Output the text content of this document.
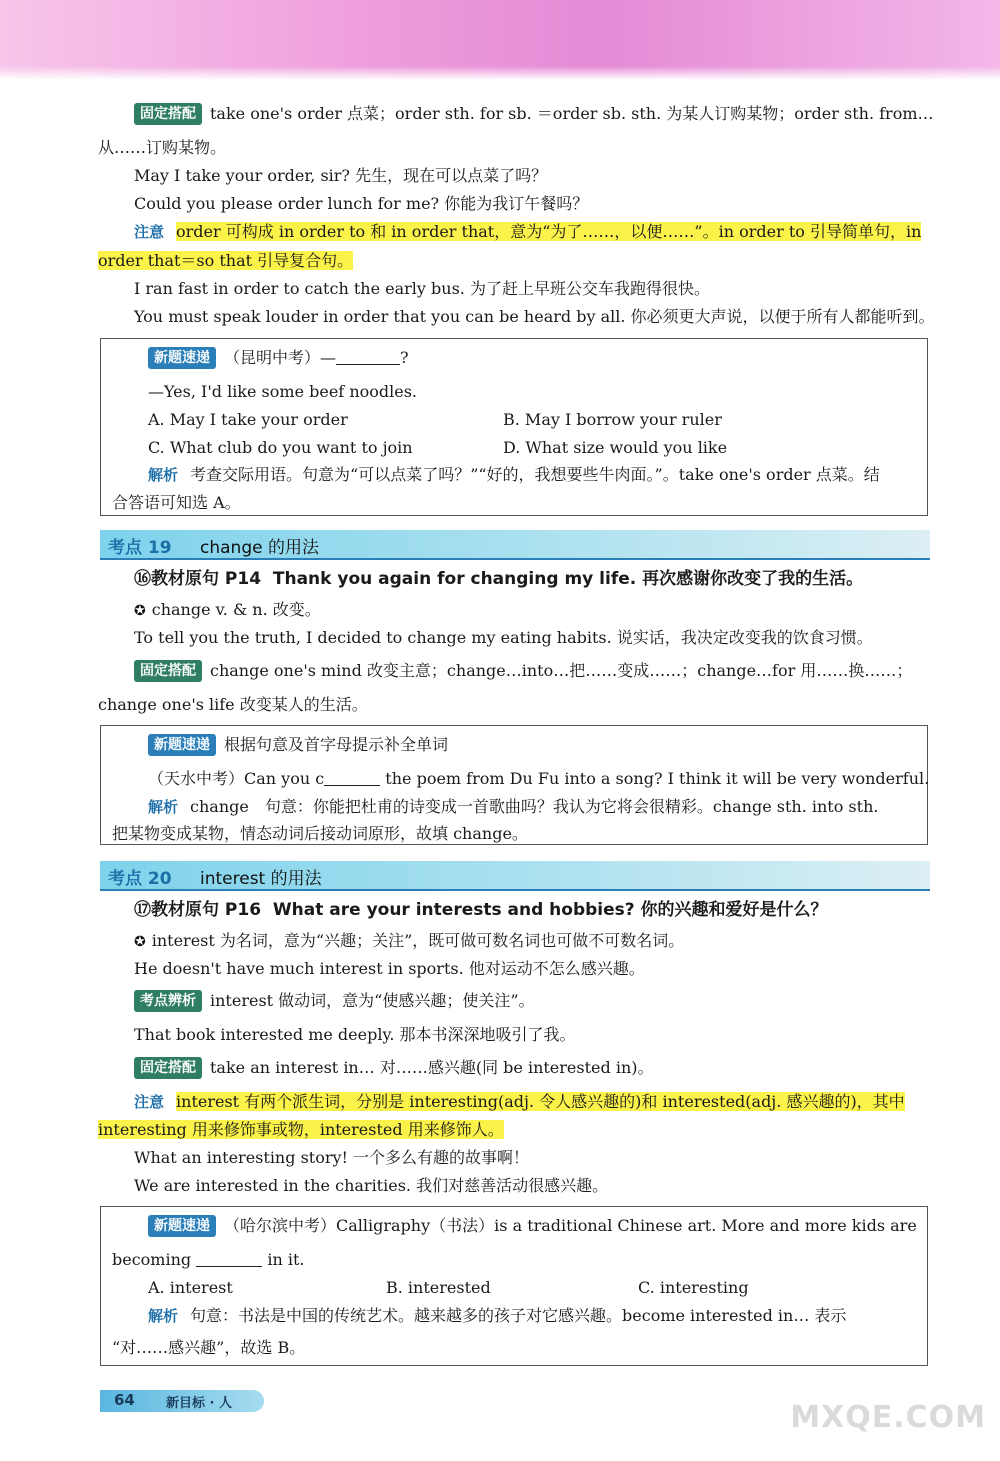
固定搭配 take one's order 点菜；order sth. for sb. ＝order sb. sth. 为某人订购某物；order sth. from…
从……订购某物。
May I take your order, sir? 先生，现在可以点菜了吗？
Could you please order lunch for me? 你能为我订午餐吗？
注意 order 可构成 in order to 和 in order that，意为“为了……，以便……”。in order to 引导简单句，in
order that＝so that 引导复合句。
I ran fast in order to catch the early bus. 为了赶上早班公交车我跑得很快。
You must speak louder in order that you can be heard by all. 你必须更大声说，以便于所有人都能听到。
新题速递 （昆明中考）—	?
—Yes, I'd like some beef noodles.
A. May I take your order	B. May I borrow your ruler
C. What club do you want to join	D. What size would you like
解析 考查交际用语。句意为“可以点菜了吗？”“好的，我想要些牛肉面。”。take one's order 点菜。结
合答语可知选 A。
考点 19 change 的用法
⑯教材原句 P14 Thank you again for changing my life. 再次感谢你改变了我的生活。
✪ change v. & n. 改变。
To tell you the truth, I decided to change my eating habits. 说实话，我决定改变我的饮食习惯。
固定搭配 change one's mind 改变主意；change…into…把……变成……；change…for 用……换……；
change one's life 改变某人的生活。
新题速递 根据句意及首字母提示补全单词
（天水中考）Can you c	the poem from Du Fu into a song? I think it will be very wonderful.
解析 change　句意：你能把杜甫的诗变成一首歌曲吗？我认为它将会很精彩。change sth. into sth.
把某物变成某物，情态动词后接动词原形，故填 change。
考点 20 interest 的用法
⑰教材原句 P16 What are your interests and hobbies? 你的兴趣和爱好是什么？
✪ interest 为名词，意为“兴趣；关注”，既可做可数名词也可做不可数名词。
He doesn't have much interest in sports. 他对运动不怎么感兴趣。
考点辨析 interest 做动词，意为“使感兴趣；使关注”。
That book interested me deeply. 那本书深深地吸引了我。
固定搭配 take an interest in… 对……感兴趣(同 be interested in)。
注意 interest 有两个派生词，分别是 interesting(adj. 令人感兴趣的)和 interested(adj. 感兴趣的)，其中
interesting 用来修饰事或物，interested 用来修饰人。
What an interesting story! 一个多么有趣的故事啊！
We are interested in the charities. 我们对慈善活动很感兴趣。
新题速递 （哈尔滨中考）Calligraphy（书法）is a traditional Chinese art. More and more kids are
becoming	in it.
A. interest	B. interested	C. interesting
解析 句意：书法是中国的传统艺术。越来越多的孩子对它感兴趣。become interested in… 表示
“对……感兴趣”，故选 B。
64 新目标 · 人	MXQE.COM
